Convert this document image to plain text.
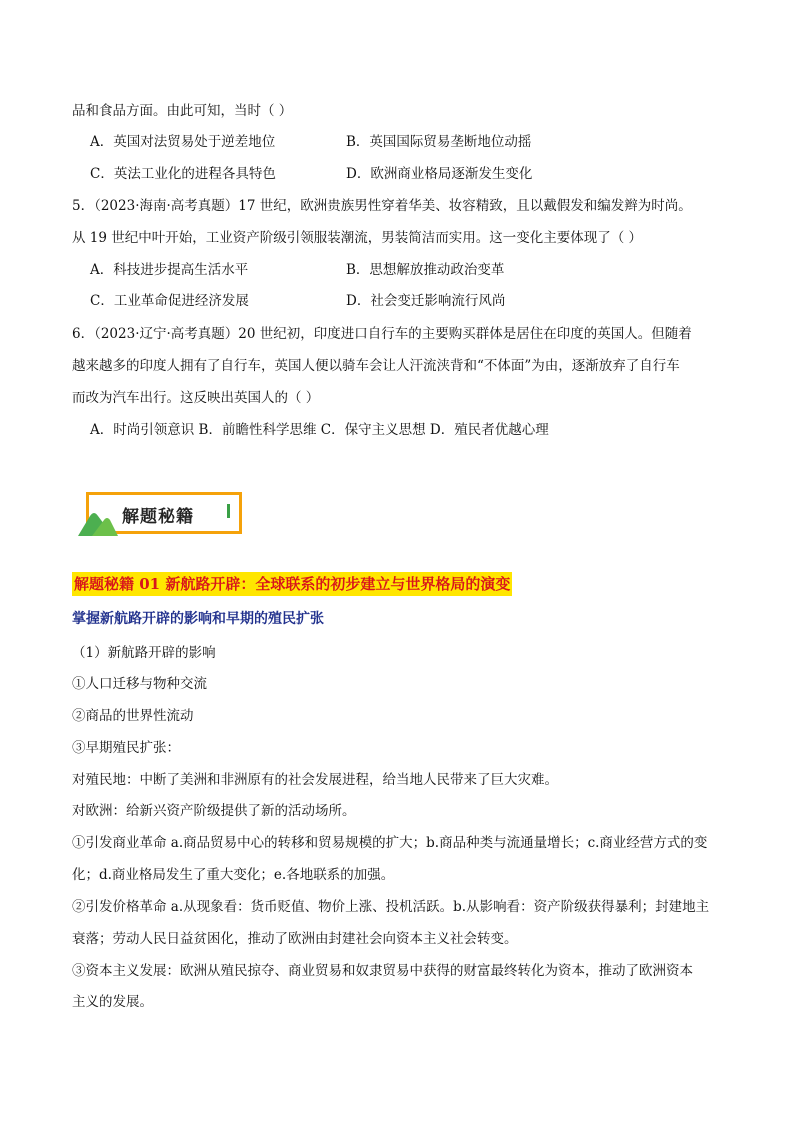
品和食品方面。由此可知，当时（ ）
A．英国对法贸易处于逆差地位	B．英国国际贸易垄断地位动摇
C．英法工业化的进程各具特色	D．欧洲商业格局逐渐发生变化
5．（2023·海南·高考真题）17 世纪，欧洲贵族男性穿着华美、妆容精致，且以戴假发和编发辫为时尚。
从 19 世纪中叶开始，工业资产阶级引领服装潮流，男装简洁而实用。这一变化主要体现了（ ）
A．科技进步提高生活水平	B．思想解放推动政治变革
C．工业革命促进经济发展	D．社会变迁影响流行风尚
6．（2023·辽宁·高考真题）20 世纪初，印度进口自行车的主要购买群体是居住在印度的英国人。但随着
越来越多的印度人拥有了自行车，英国人便以骑车会让人汗流浃背和“不体面”为由，逐渐放弃了自行车
而改为汽车出行。这反映出英国人的（ ）
A．时尚引领意识 B．前瞻性科学思维 C．保守主义思想 D．殖民者优越心理
解题秘籍
解题秘籍 01 新航路开辟：全球联系的初步建立与世界格局的演变
掌握新航路开辟的影响和早期的殖民扩张
（1）新航路开辟的影响
①人口迁移与物种交流
②商品的世界性流动
③早期殖民扩张：
对殖民地：中断了美洲和非洲原有的社会发展进程，给当地人民带来了巨大灾难。
对欧洲：给新兴资产阶级提供了新的活动场所。
①引发商业革命 a.商品贸易中心的转移和贸易规模的扩大；b.商品种类与流通量增长；c.商业经营方式的变
化；d.商业格局发生了重大变化；e.各地联系的加强。
②引发价格革命 a.从现象看：货币贬值、物价上涨、投机活跃。b.从影响看：资产阶级获得暴利；封建地主
衰落；劳动人民日益贫困化，推动了欧洲由封建社会向资本主义社会转变。
③资本主义发展：欧洲从殖民掠夺、商业贸易和奴隶贸易中获得的财富最终转化为资本，推动了欧洲资本
主义的发展。
